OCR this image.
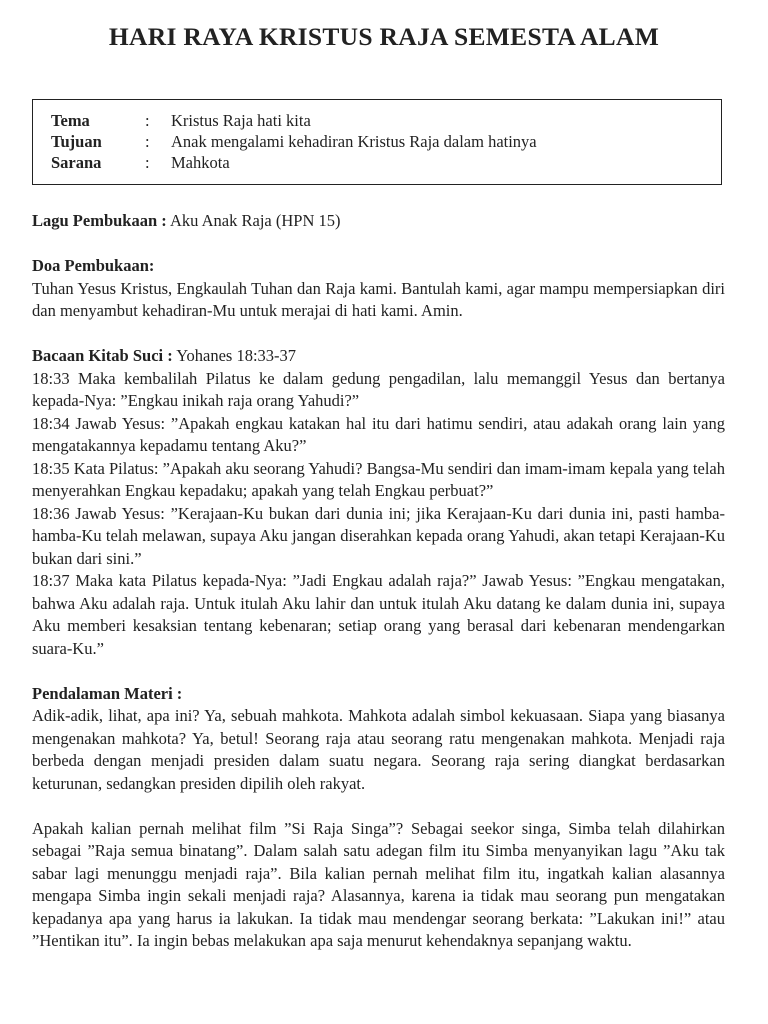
HARI RAYA KRISTUS RAJA SEMESTA ALAM
Tema	: Kristus Raja hati kita
Tujuan	: Anak mengalami kehadiran Kristus Raja dalam hatinya
Sarana	: Mahkota

Lagu Pembukaan : Aku Anak Raja (HPN 15)

Doa Pembukaan:

Tuhan Yesus Kristus, Engkaulah Tuhan dan Raja kami. Bantulah kami, agar mampu mempersiapkan diri dan menyambut kehadiran-Mu untuk merajai di hati kami. Amin.

Bacaan Kitab Suci : Yohanes 18:33-37

18:33 Maka kembalilah Pilatus ke dalam gedung pengadilan, lalu memanggil Yesus dan bertanya kepada-Nya: ”Engkau inikah raja orang Yahudi?”

18:34 Jawab Yesus: ”Apakah engkau katakan hal itu dari hatimu sendiri, atau adakah orang lain yang mengatakannya kepadamu tentang Aku?”

18:35 Kata Pilatus: ”Apakah aku seorang Yahudi? Bangsa-Mu sendiri dan imam-imam kepala yang telah menyerahkan Engkau kepadaku; apakah yang telah Engkau perbuat?”

18:36 Jawab Yesus: ”Kerajaan-Ku bukan dari dunia ini; jika Kerajaan-Ku dari dunia ini, pasti hamba-hamba-Ku telah melawan, supaya Aku jangan diserahkan kepada orang Yahudi, akan tetapi Kerajaan-Ku bukan dari sini.”

18:37 Maka kata Pilatus kepada-Nya: ”Jadi Engkau adalah raja?” Jawab Yesus: ”Engkau mengatakan, bahwa Aku adalah raja. Untuk itulah Aku lahir dan untuk itulah Aku datang ke dalam dunia ini, supaya Aku memberi kesaksian tentang kebenaran; setiap orang yang berasal dari kebenaran mendengarkan suara-Ku.”

Pendalaman Materi :

Adik-adik, lihat, apa ini? Ya, sebuah mahkota. Mahkota adalah simbol kekuasaan. Siapa yang biasanya mengenakan mahkota? Ya, betul! Seorang raja atau seorang ratu mengenakan mahkota. Menjadi raja berbeda dengan menjadi presiden dalam suatu negara. Seorang raja sering diangkat berdasarkan keturunan, sedangkan presiden dipilih oleh rakyat.

Apakah kalian pernah melihat film ”Si Raja Singa”? Sebagai seekor singa, Simba telah dilahirkan sebagai ”Raja semua binatang”. Dalam salah satu adegan film itu Simba menyanyikan lagu ”Aku tak sabar lagi menunggu menjadi raja”. Bila kalian pernah melihat film itu, ingatkah kalian alasannya mengapa Simba ingin sekali menjadi raja? Alasannya, karena ia tidak mau seorang pun mengatakan kepadanya apa yang harus ia lakukan. Ia tidak mau mendengar seorang berkata: ”Lakukan ini!” atau ”Hentikan itu”. Ia ingin bebas melakukan apa saja menurut kehendaknya sepanjang waktu.
